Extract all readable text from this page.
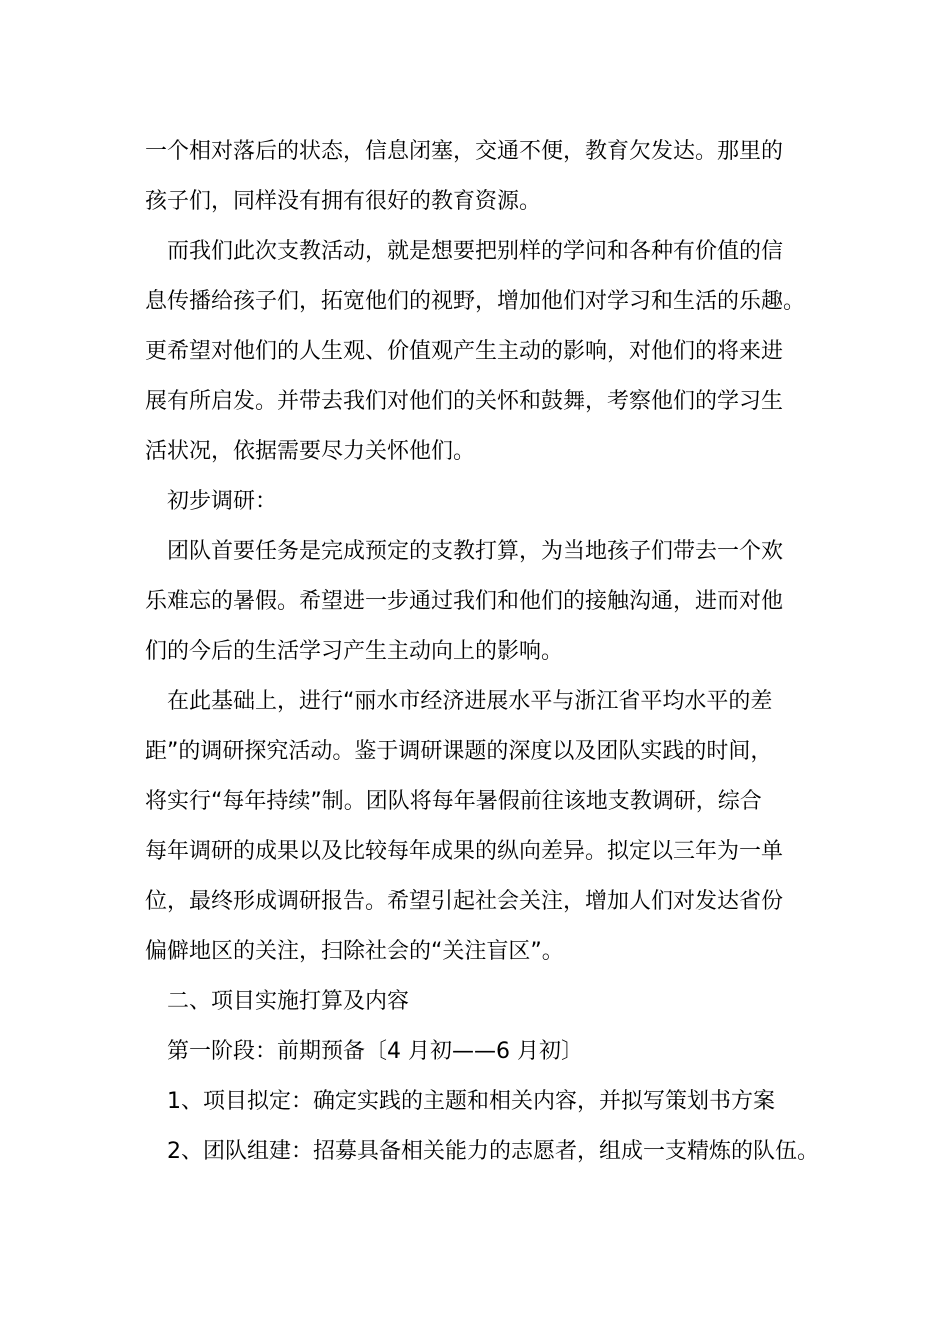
一个相对落后的状态，信息闭塞，交通不便，教育欠发达。那里的
孩子们，同样没有拥有很好的教育资源。
而我们此次支教活动，就是想要把别样的学问和各种有价值的信
息传播给孩子们，拓宽他们的视野，增加他们对学习和生活的乐趣。
更希望对他们的人生观、价值观产生主动的影响，对他们的将来进
展有所启发。并带去我们对他们的关怀和鼓舞，考察他们的学习生
活状况，依据需要尽力关怀他们。
初步调研：
团队首要任务是完成预定的支教打算，为当地孩子们带去一个欢
乐难忘的暑假。希望进一步通过我们和他们的接触沟通，进而对他
们的今后的生活学习产生主动向上的影响。
在此基础上，进行“丽水市经济进展水平与浙江省平均水平的差
距”的调研探究活动。鉴于调研课题的深度以及团队实践的时间，
将实行“每年持续”制。团队将每年暑假前往该地支教调研，综合
每年调研的成果以及比较每年成果的纵向差异。拟定以三年为一单
位，最终形成调研报告。希望引起社会关注，增加人们对发达省份
偏僻地区的关注，扫除社会的“关注盲区”。
二、项目实施打算及内容
第一阶段：前期预备〔4 月初——6 月初〕
1、项目拟定：确定实践的主题和相关内容，并拟写策划书方案
2、团队组建：招募具备相关能力的志愿者，组成一支精炼的队伍。
